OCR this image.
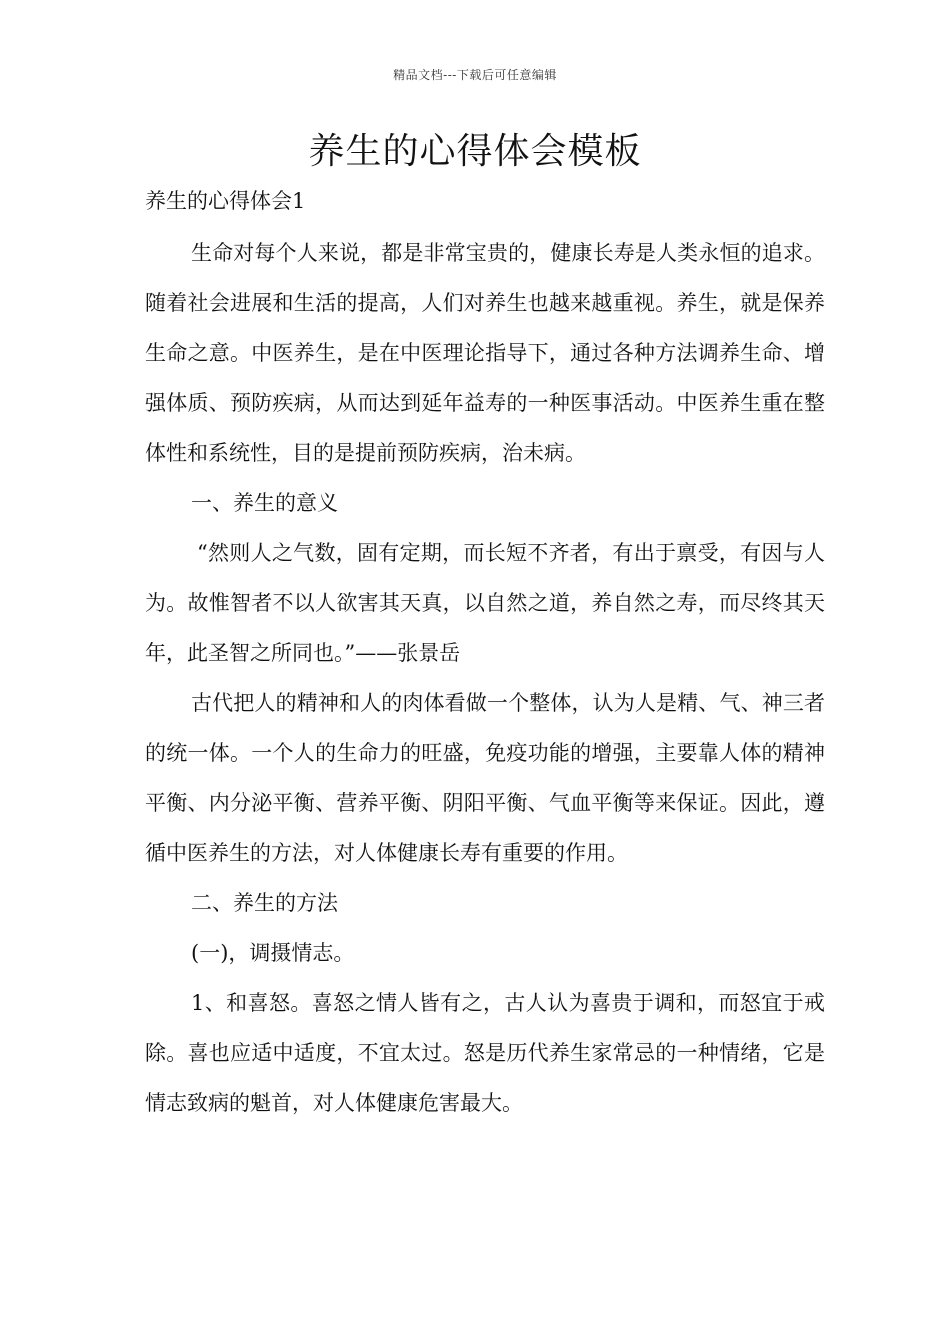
精品文档---下载后可任意编辑
养生的心得体会模板

养生的心得体会1

生命对每个人来说，都是非常宝贵的，健康长寿是人类永恒的追求。随着社会进展和生活的提高，人们对养生也越来越重视。养生，就是保养生命之意。中医养生，是在中医理论指导下，通过各种方法调养生命、增强体质、预防疾病，从而达到延年益寿的一种医事活动。中医养生重在整体性和系统性，目的是提前预防疾病，治未病。

一、养生的意义

“然则人之气数，固有定期，而长短不齐者，有出于禀受，有因与人为。故惟智者不以人欲害其天真，以自然之道，养自然之寿，而尽终其天年，此圣智之所同也。”——张景岳

古代把人的精神和人的肉体看做一个整体，认为人是精、气、神三者的统一体。一个人的生命力的旺盛，免疫功能的增强，主要靠人体的精神平衡、内分泌平衡、营养平衡、阴阳平衡、气血平衡等来保证。因此，遵循中医养生的方法，对人体健康长寿有重要的作用。

二、养生的方法

(一)，调摄情志。

1、和喜怒。喜怒之情人皆有之，古人认为喜贵于调和，而怒宜于戒除。喜也应适中适度，不宜太过。怒是历代养生家常忌的一种情绪，它是情志致病的魁首，对人体健康危害最大。
